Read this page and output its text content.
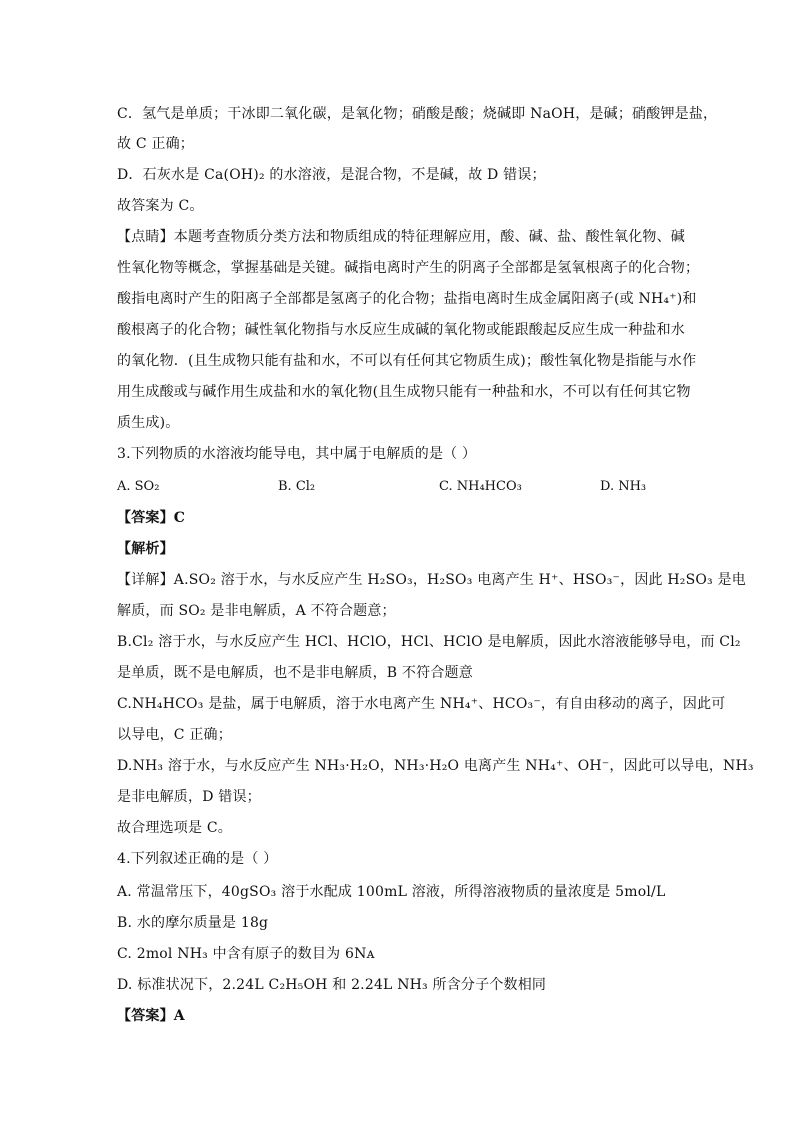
C．氢气是单质；干冰即二氧化碳，是氧化物；硝酸是酸；烧碱即 NaOH，是碱；硝酸钾是盐，
故 C 正确；
D．石灰水是 Ca(OH)₂ 的水溶液，是混合物，不是碱，故 D 错误；
故答案为 C。
【点睛】本题考查物质分类方法和物质组成的特征理解应用，酸、碱、盐、酸性氧化物、碱
性氧化物等概念，掌握基础是关键。碱指电离时产生的阴离子全部都是氢氧根离子的化合物；
酸指电离时产生的阳离子全部都是氢离子的化合物；盐指电离时生成金属阳离子(或 NH₄⁺)和
酸根离子的化合物；碱性氧化物指与水反应生成碱的氧化物或能跟酸起反应生成一种盐和水
的氧化物．(且生成物只能有盐和水，不可以有任何其它物质生成)；酸性氧化物是指能与水作
用生成酸或与碱作用生成盐和水的氧化物(且生成物只能有一种盐和水，不可以有任何其它物
质生成)。
3.下列物质的水溶液均能导电，其中属于电解质的是（ ）
A. SO₂	B. Cl₂	C. NH₄HCO₃	D. NH₃
【答案】C
【解析】
【详解】A.SO₂ 溶于水，与水反应产生 H₂SO₃，H₂SO₃ 电离产生 H⁺、HSO₃⁻，因此 H₂SO₃ 是电
解质，而 SO₂ 是非电解质，A 不符合题意；
B.Cl₂ 溶于水，与水反应产生 HCl、HClO，HCl、HClO 是电解质，因此水溶液能够导电，而 Cl₂
是单质，既不是电解质，也不是非电解质，B 不符合题意
C.NH₄HCO₃ 是盐，属于电解质，溶于水电离产生 NH₄⁺、HCO₃⁻，有自由移动的离子，因此可
以导电，C 正确；
D.NH₃ 溶于水，与水反应产生 NH₃·H₂O，NH₃·H₂O 电离产生 NH₄⁺、OH⁻，因此可以导电，NH₃
是非电解质，D 错误；
故合理选项是 C。
4.下列叙述正确的是（ ）
A. 常温常压下，40gSO₃ 溶于水配成 100mL 溶液，所得溶液物质的量浓度是 5mol/L
B. 水的摩尔质量是 18g
C. 2mol NH₃ 中含有原子的数目为 6Nᴀ
D. 标准状况下，2.24L C₂H₅OH 和 2.24L NH₃ 所含分子个数相同
【答案】A
